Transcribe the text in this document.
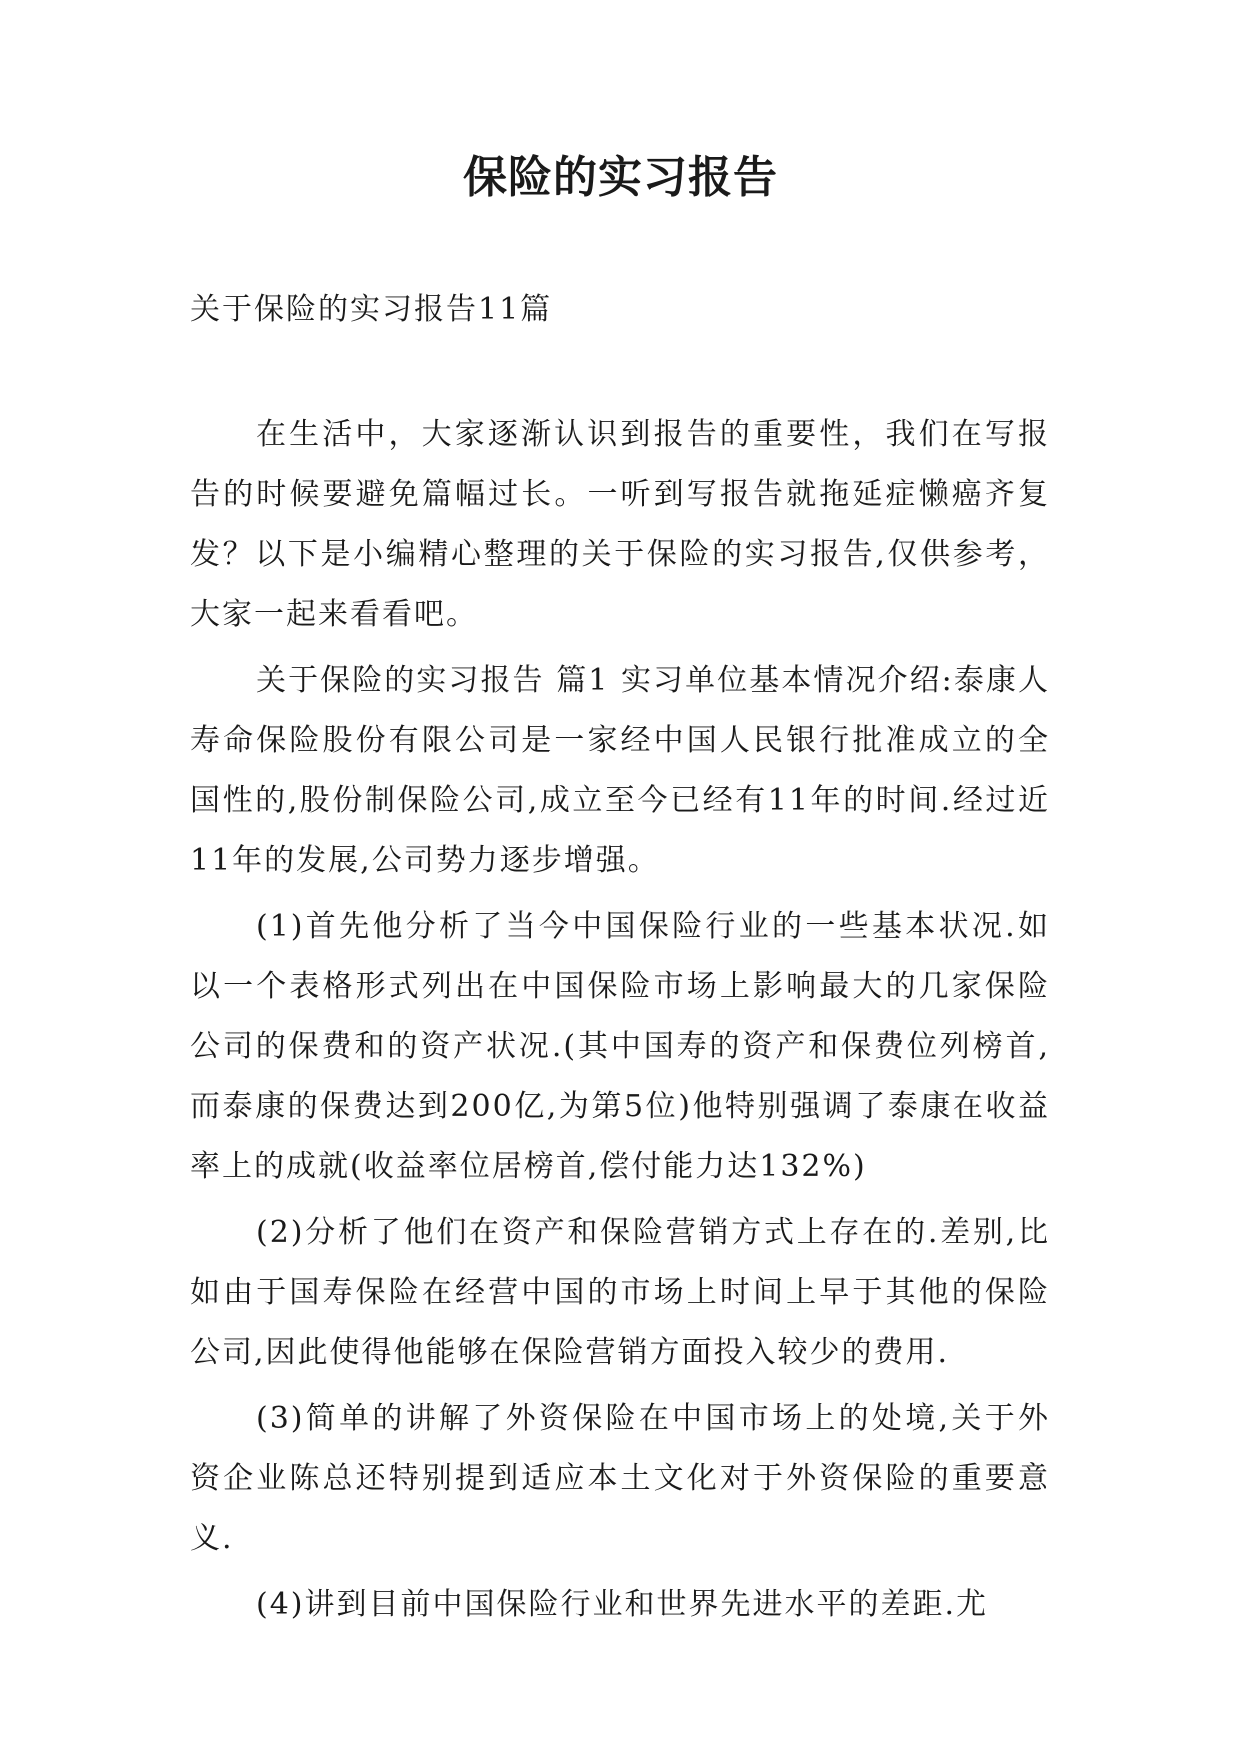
保险的实习报告

关于保险的实习报告11篇

在生活中，大家逐渐认识到报告的重要性，我们在写报告的时候要避免篇幅过长。一听到写报告就拖延症懒癌齐复发？以下是小编精心整理的关于保险的实习报告,仅供参考，大家一起来看看吧。

关于保险的实习报告 篇1 实习单位基本情况介绍:泰康人寿命保险股份有限公司是一家经中国人民银行批准成立的全国性的,股份制保险公司,成立至今已经有11年的时间.经过近11年的发展,公司势力逐步增强。

(1)首先他分析了当今中国保险行业的一些基本状况.如以一个表格形式列出在中国保险市场上影响最大的几家保险公司的保费和的资产状况.(其中国寿的资产和保费位列榜首,而泰康的保费达到200亿,为第5位)他特别强调了泰康在收益率上的成就(收益率位居榜首,偿付能力达132%)

(2)分析了他们在资产和保险营销方式上存在的.差别,比如由于国寿保险在经营中国的市场上时间上早于其他的保险公司,因此使得他能够在保险营销方面投入较少的费用.

(3)简单的讲解了外资保险在中国市场上的处境,关于外资企业陈总还特别提到适应本土文化对于外资保险的重要意义.

(4)讲到目前中国保险行业和世界先进水平的差距.尤
